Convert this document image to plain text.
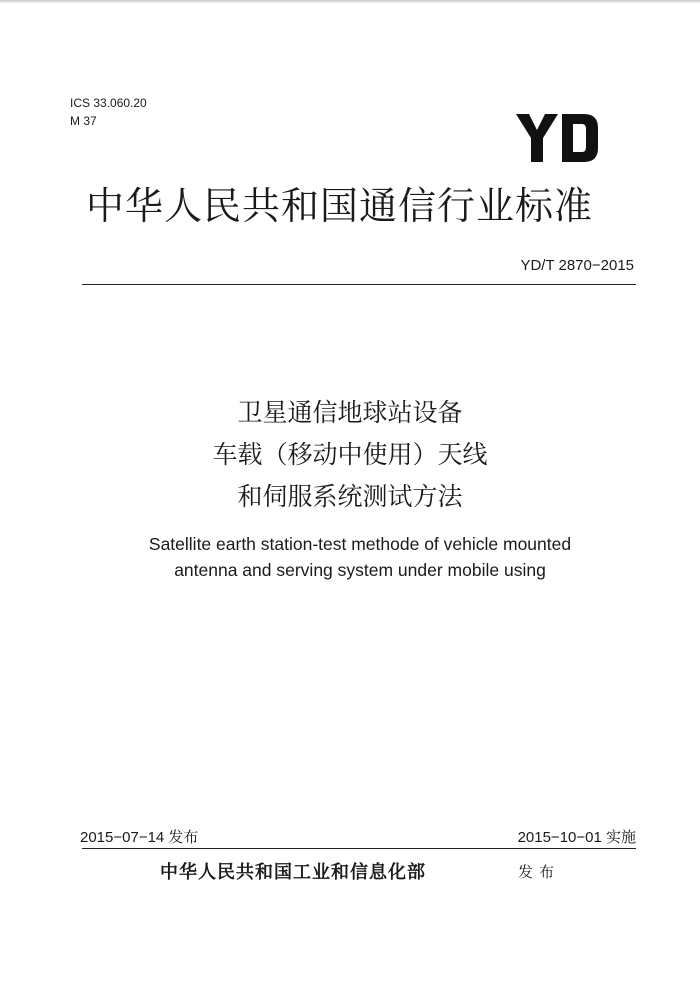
ICS 33.060.20
M 37
中华人民共和国通信行业标准
YD/T 2870−2015
卫星通信地球站设备
车载（移动中使用）天线
和伺服系统测试方法
Satellite earth station-test methode of vehicle mounted
antenna and serving system under mobile using
2015−07−14 发布	2015−10−01 实施
中华人民共和国工业和信息化部	发布
